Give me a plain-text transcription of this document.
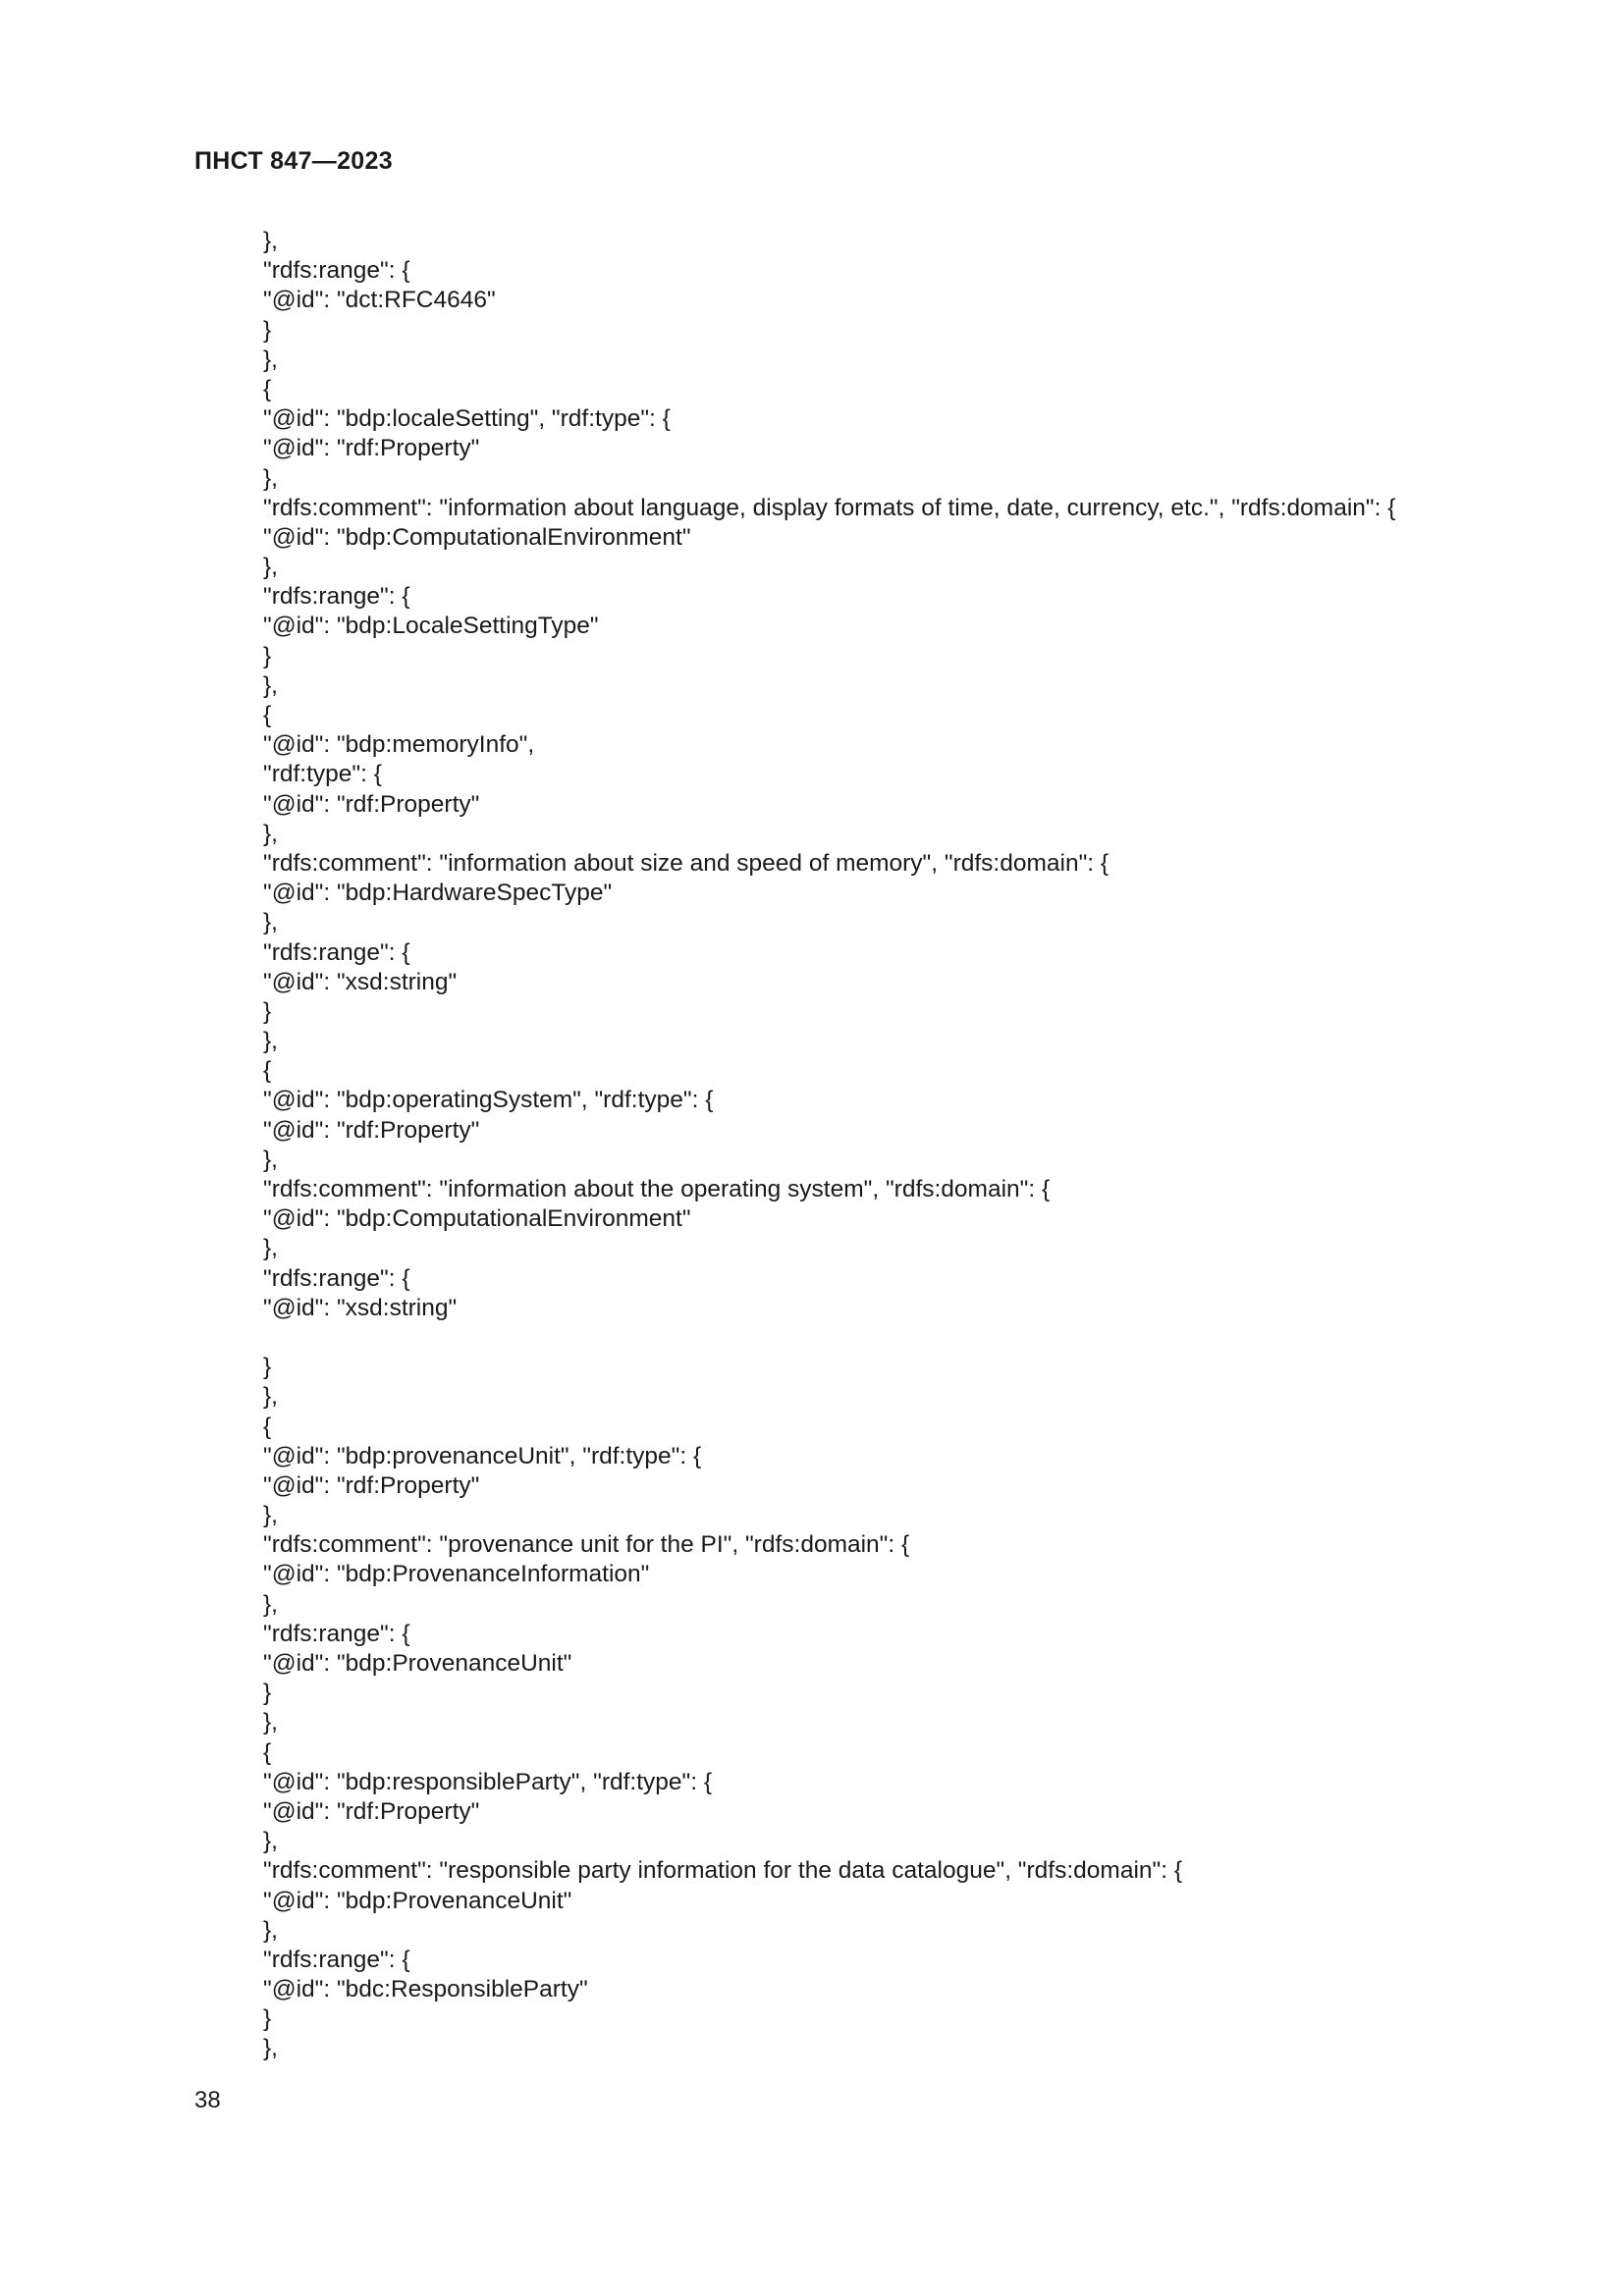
ПНСТ 847—2023
},
"rdfs:range": {
"@id": "dct:RFC4646"
}
},
{
"@id": "bdp:localeSetting", "rdf:type": {
"@id": "rdf:Property"
},
"rdfs:comment": "information about language, display formats of time, date, currency, etc.", "rdfs:domain": {
"@id": "bdp:ComputationalEnvironment"
},
"rdfs:range": {
"@id": "bdp:LocaleSettingType"
}
},
{
"@id": "bdp:memoryInfo",
"rdf:type": {
"@id": "rdf:Property"
},
"rdfs:comment": "information about size and speed of memory", "rdfs:domain": {
"@id": "bdp:HardwareSpecType"
},
"rdfs:range": {
"@id": "xsd:string"
}
},
{
"@id": "bdp:operatingSystem", "rdf:type": {
"@id": "rdf:Property"
},
"rdfs:comment": "information about the operating system", "rdfs:domain": {
"@id": "bdp:ComputationalEnvironment"
},
"rdfs:range": {
"@id": "xsd:string"
}
},
{
"@id": "bdp:provenanceUnit", "rdf:type": {
"@id": "rdf:Property"
},
"rdfs:comment": "provenance unit for the PI", "rdfs:domain": {
"@id": "bdp:ProvenanceInformation"
},
"rdfs:range": {
"@id": "bdp:ProvenanceUnit"
}
},
{
"@id": "bdp:responsibleParty", "rdf:type": {
"@id": "rdf:Property"
},
"rdfs:comment": "responsible party information for the data catalogue", "rdfs:domain": {
"@id": "bdp:ProvenanceUnit"
},
"rdfs:range": {
"@id": "bdc:ResponsibleParty"
}
},
38
